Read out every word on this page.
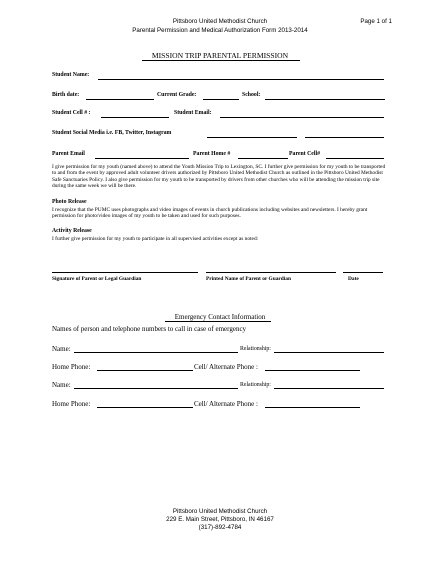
Pittsboro United Methodist Church	Page 1 of 1
Parental Permission and Medical Authorization Form 2013-2014
MISSION TRIP PARENTAL PERMISSION
Student Name:
Birth date:	Current Grade:	School:
Student Cell # :	Student Email:
Student Social Media i.e. FB, Twitter, Instagram
Parent Email	Parent Home #	Parent Cell#
I give permission for my youth (named above) to attend the Youth Mission Trip to Lexington, SC. I further give permission for my youth to be transported to and from the event by approved adult volunteer drivers authorized by Pittsboro United Methodist Church as outlined in the Pittsboro United Methodist Safe Sanctuaries Policy. I also give permission for my youth to be transported by drivers from other churches who will be attending the mission trip site during the same week we will be there.
Photo Release
I recognize that the PUMC uses photographs and video images of events in church publications including websites and newsletters. I hereby grant permission for photo/video images of my youth to be taken and used for such purposes.
Activity Release
I further give permission for my youth to participate in all supervised activities except as noted:
Signature of Parent or Legal Guardian	Printed Name of Parent or Guardian	Date
Emergency Contact Information
Names of person and telephone numbers to call in case of emergency
Name:	Relationship:
Home Phone:	Cell/ Alternate Phone :
Name:	Relationship:
Home Phone:	Cell/ Alternate Phone :
Pittsboro United Methodist Church
229 E. Main Street, Pittsboro, IN 46167
(317)-892-4784
